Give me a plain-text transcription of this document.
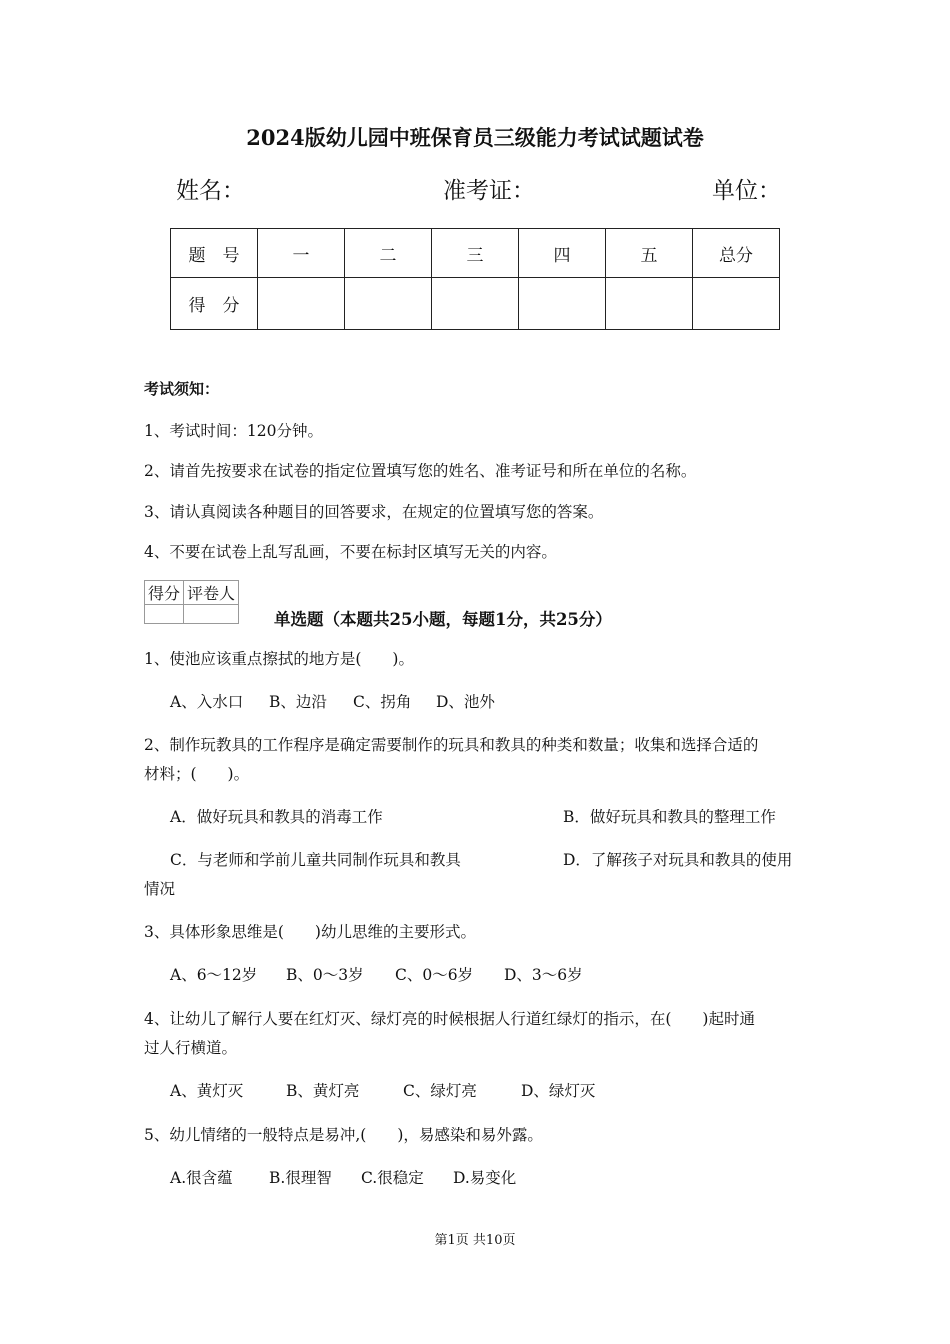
2024版幼儿园中班保育员三级能力考试试题试卷
姓名：	准考证：	单位：
题　号	一	二	三	四	五	总分
得　分						
考试须知：
1、考试时间：120分钟。
2、请首先按要求在试卷的指定位置填写您的姓名、准考证号和所在单位的名称。
3、请认真阅读各种题目的回答要求，在规定的位置填写您的答案。
4、不要在试卷上乱写乱画，不要在标封区填写无关的内容。
得分	评卷人

单选题（本题共25小题，每题1分，共25分）
1、使池应该重点擦拭的地方是(　　)。
A、入水口 B、边沿 C、拐角 D、池外
2、制作玩教具的工作程序是确定需要制作的玩具和教具的种类和数量；收集和选择合适的
材料；(　　)。
A．做好玩具和教具的消毒工作	B．做好玩具和教具的整理工作
C．与老师和学前儿童共同制作玩具和教具	D．了解孩子对玩具和教具的使用
情况
3、具体形象思维是(　　)幼儿思维的主要形式。
A、6～12岁 B、0～3岁 C、0～6岁 D、3～6岁
4、让幼儿了解行人要在红灯灭、绿灯亮的时候根据人行道红绿灯的指示，在(　　)起时通
过人行横道。
A、黄灯灭	B、黄灯亮	C、绿灯亮	D、绿灯灭
5、幼儿情绪的一般特点是易冲,(　　)，易感染和易外露。
A.很含蕴 B.很理智 C.很稳定 D.易变化
第1页 共10页
